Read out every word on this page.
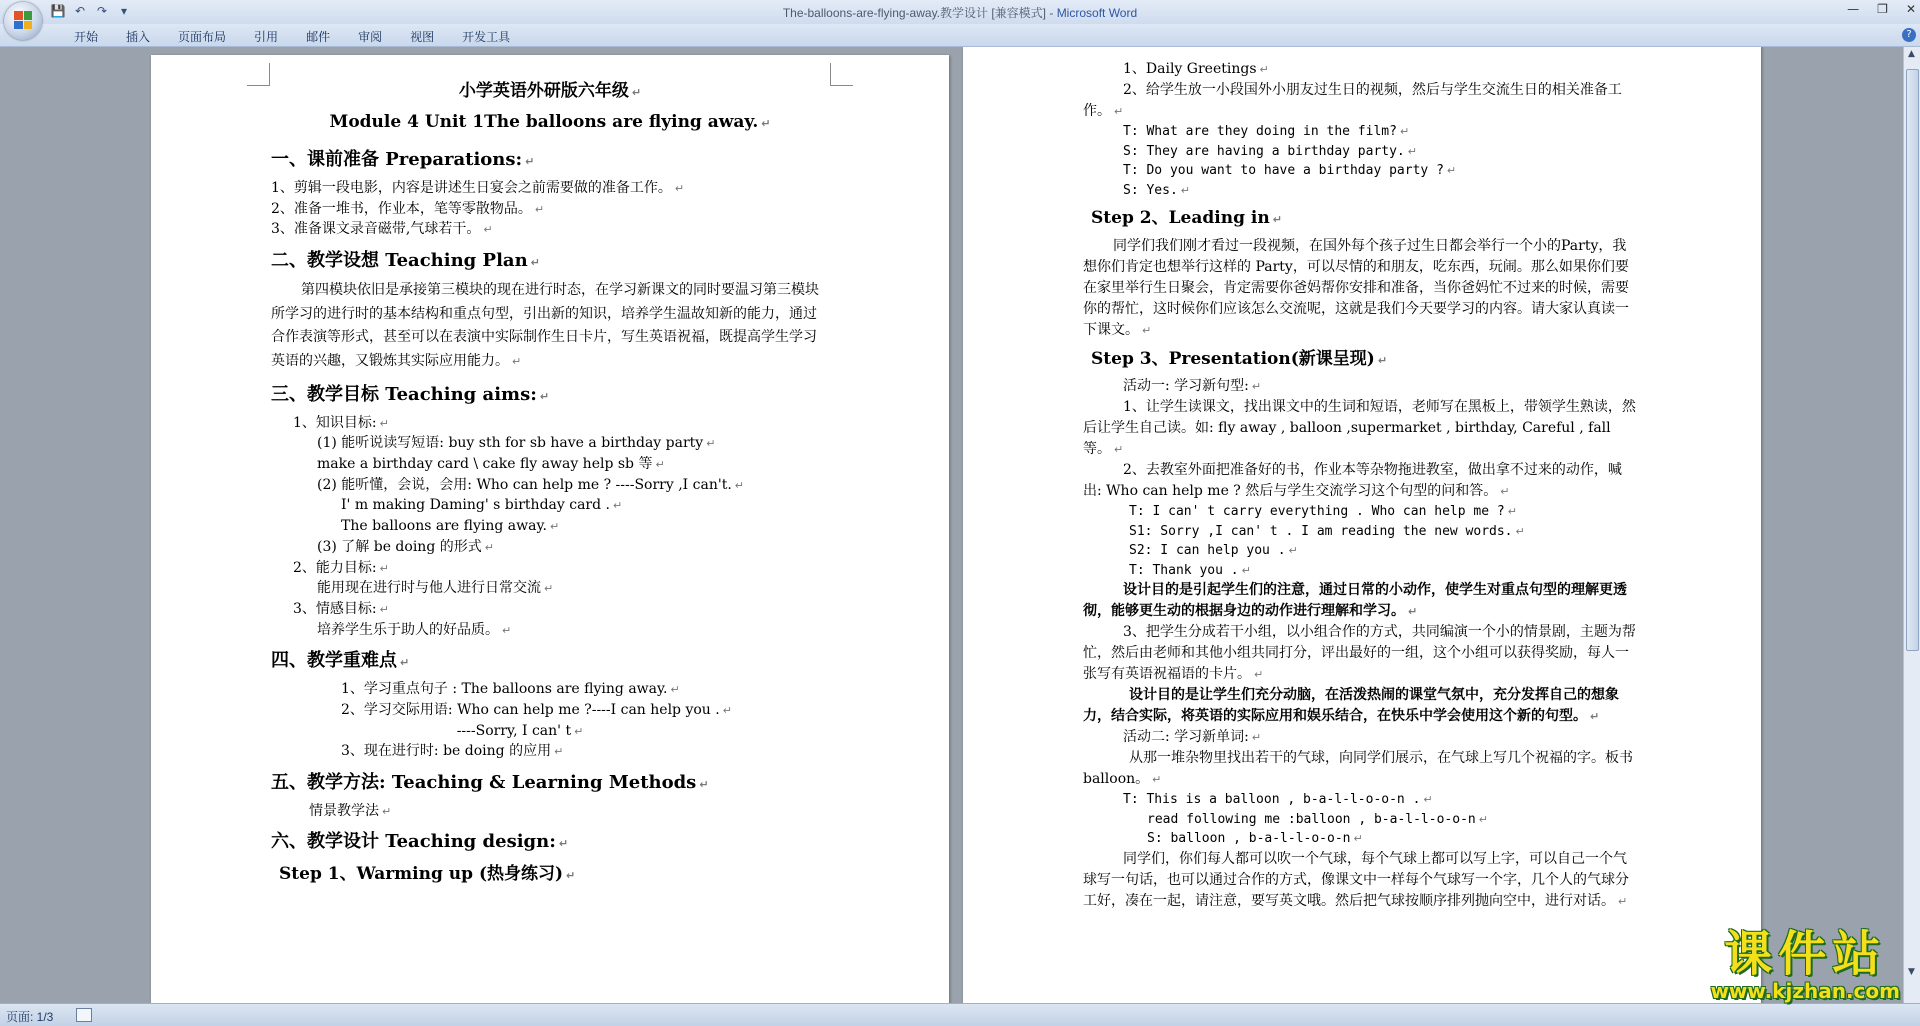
💾 ↶ ↷	▾	The-balloons-are-flying-away.教学设计 [兼容模式] - Microsoft Word	— ❐ ✕
开始	插入	页面布局	引用	邮件	审阅	视图	开发工具	?

小学英语外研版六年级 ↵

Module 4 Unit 1The balloons are flying away. ↵

一、课前准备 Preparations: ↵

1、剪辑一段电影，内容是讲述生日宴会之前需要做的准备工作。 ↵

2、准备一堆书，作业本，笔等零散物品。 ↵

3、准备课文录音磁带,气球若干。 ↵

二、教学设想 Teaching Plan ↵

第四模块依旧是承接第三模块的现在进行时态，在学习新课文的同时要温习第三模块所学习的进行时的基本结构和重点句型，引出新的知识，培养学生温故知新的能力，通过合作表演等形式，甚至可以在表演中实际制作生日卡片，写生英语祝福，既提高学生学习英语的兴趣，又锻炼其实际应用能力。 ↵

三、教学目标 Teaching aims: ↵

1、知识目标: ↵

(1) 能听说读写短语: buy sth for sb have a birthday party ↵

make a birthday card \ cake fly away help sb 等 ↵

(2) 能听懂，会说，会用: Who can help me ? ----Sorry ,I can't. ↵

I' m making Daming' s birthday card . ↵

The balloons are flying away. ↵

(3) 了解 be doing 的形式 ↵

2、能力目标: ↵

能用现在进行时与他人进行日常交流 ↵

3、情感目标: ↵

培养学生乐于助人的好品质。 ↵

四、教学重难点 ↵

1、学习重点句子 : The balloons are flying away. ↵

2、学习交际用语: Who can help me ?----I can help you . ↵

----Sorry, I can' t ↵

3、现在进行时: be doing 的应用 ↵

五、教学方法: Teaching & Learning Methods ↵

情景教学法 ↵

六、教学设计 Teaching design: ↵

Step 1、Warming up (热身练习) ↵

1、Daily Greetings ↵

2、给学生放一小段国外小朋友过生日的视频，然后与学生交流生日的相关准备工作。 ↵

T: What are they doing in the film? ↵

S: They are having a birthday party. ↵

T: Do you want to have a birthday party ? ↵

S: Yes. ↵

Step 2、Leading in ↵

同学们我们刚才看过一段视频，在国外每个孩子过生日都会举行一个小的Party，我想你们肯定也想举行这样的 Party，可以尽情的和朋友，吃东西，玩闹。那么如果你们要在家里举行生日聚会，肯定需要你爸妈帮你安排和准备，当你爸妈忙不过来的时候，需要你的帮忙，这时候你们应该怎么交流呢，这就是我们今天要学习的内容。请大家认真读一下课文。 ↵

Step 3、Presentation(新课呈现) ↵

活动一: 学习新句型: ↵

1、让学生读课文，找出课文中的生词和短语，老师写在黑板上，带领学生熟读，然后让学生自己读。如: fly away , balloon ,supermarket , birthday, Careful , fall 等。 ↵

2、去教室外面把准备好的书，作业本等杂物拖进教室，做出拿不过来的动作，喊出: Who can help me ? 然后与学生交流学习这个句型的问和答。 ↵

T: I can' t carry everything . Who can help me ? ↵

S1: Sorry ,I can' t . I am reading the new words. ↵

S2: I can help you . ↵

T: Thank you . ↵

设计目的是引起学生们的注意，通过日常的小动作，使学生对重点句型的理解更透彻，能够更生动的根据身边的动作进行理解和学习。 ↵

3、把学生分成若干小组，以小组合作的方式，共同编演一个小的情景剧，主题为帮忙，然后由老师和其他小组共同打分，评出最好的一组，这个小组可以获得奖励，每人一张写有英语祝福语的卡片。 ↵

设计目的是让学生们充分动脑，在活泼热闹的课堂气氛中，充分发挥自己的想象力，结合实际，将英语的实际应用和娱乐结合，在快乐中学会使用这个新的句型。 ↵

活动二: 学习新单词: ↵

从那一堆杂物里找出若干的气球，向同学们展示，在气球上写几个祝福的字。板书 balloon。 ↵

T: This is a balloon , b-a-l-l-o-o-n . ↵

read following me :balloon , b-a-l-l-o-o-n ↵

S: balloon , b-a-l-l-o-o-n ↵

同学们，你们每人都可以吹一个气球，每个气球上都可以写上字，可以自己一个气球写一句话，也可以通过合作的方式，像课文中一样每个气球写一个字，几个人的气球分工好，凑在一起，请注意，要写英文哦。然后把气球按顺序排列抛向空中，进行对话。 ↵

▲
▼
页面: 1/3
课件站
www.kjzhan.com
